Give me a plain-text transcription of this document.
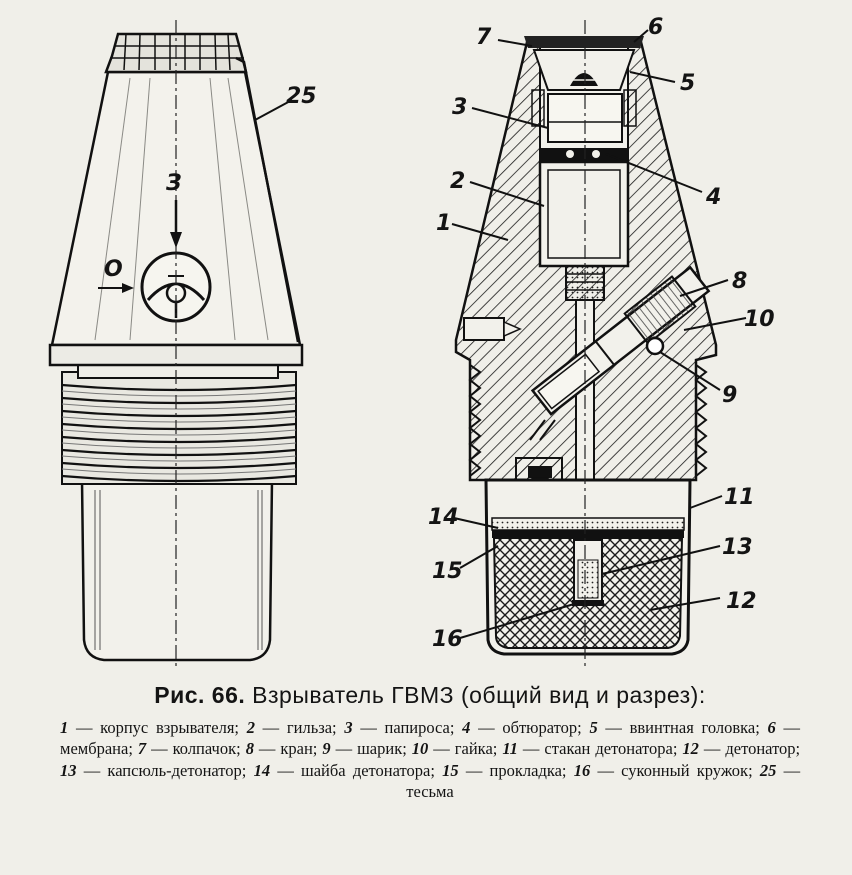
З
О
25
7	6
5
3
2
4
1
8
10
9
11
14
15
13
12
16
Рис. 66. Взрыватель ГВМЗ (общий вид и разрез):

1 — корпус взрывателя; 2 — гильза; 3 — папироса; 4 — обтюратор; 5 — ввинтная головка; 6 — мембрана; 7 — колпачок; 8 — кран; 9 — шарик; 10 — гайка; 11 — стакан детонатора; 12 — детонатор; 13 — капсюль-детонатор; 14 — шайба детонатора; 15 — прокладка; 16 — суконный кружок; 25 — тесьма
